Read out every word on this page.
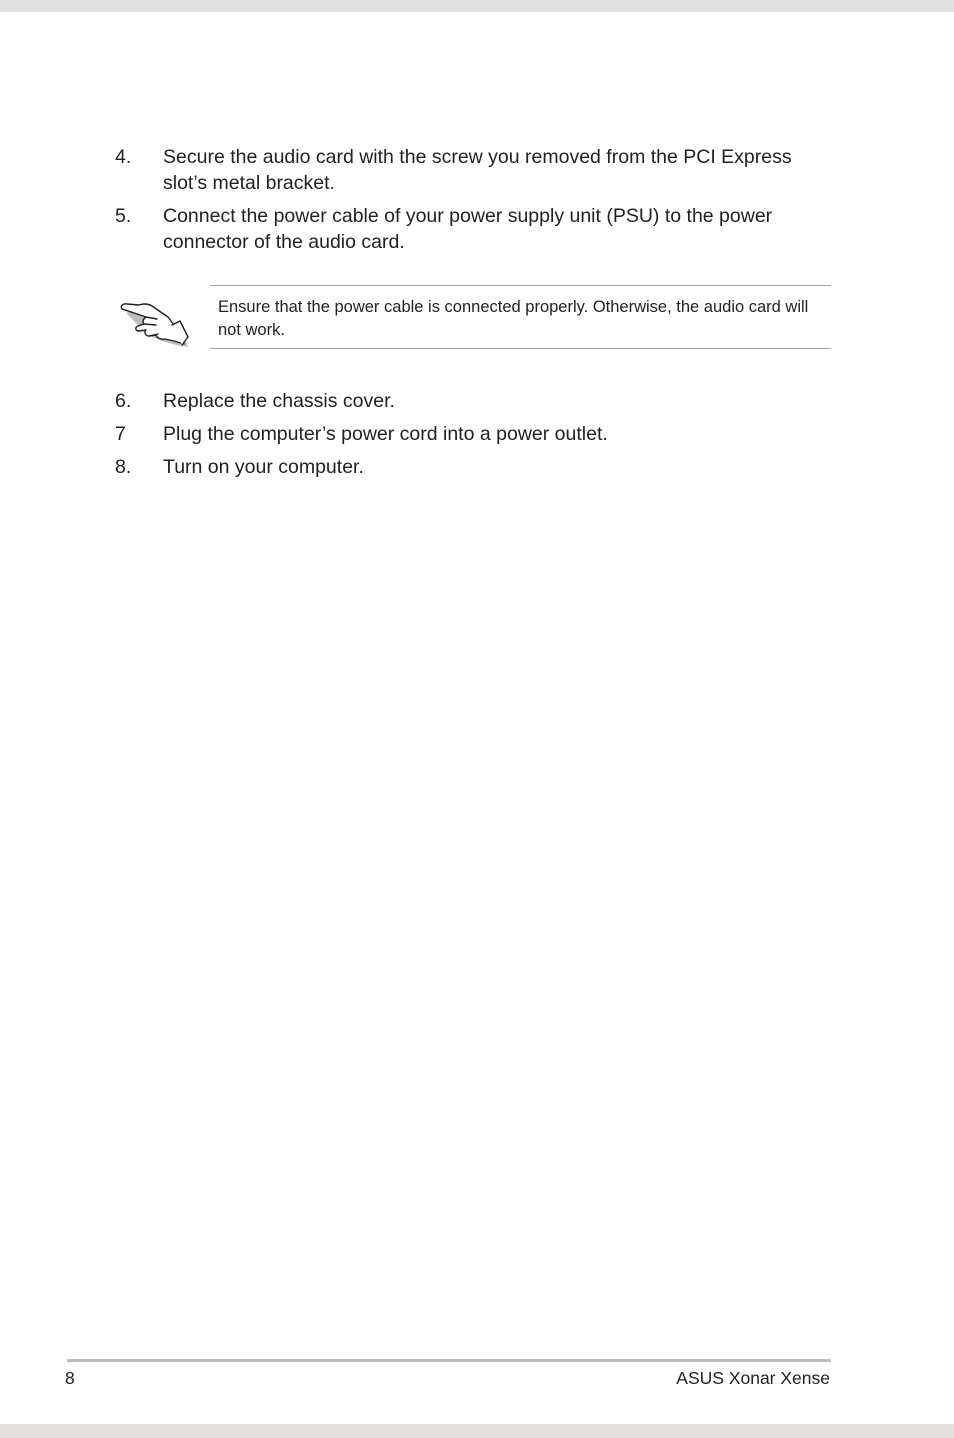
4. Secure the audio card with the screw you removed from the PCI Express slot’s metal bracket.
5. Connect the power cable of your power supply unit (PSU) to the power connector of the audio card.
Ensure that the power cable is connected properly. Otherwise, the audio card will not work.
6. Replace the chassis cover.
7 Plug the computer’s power cord into a power outlet.
8. Turn on your computer.
8	ASUS Xonar Xense
